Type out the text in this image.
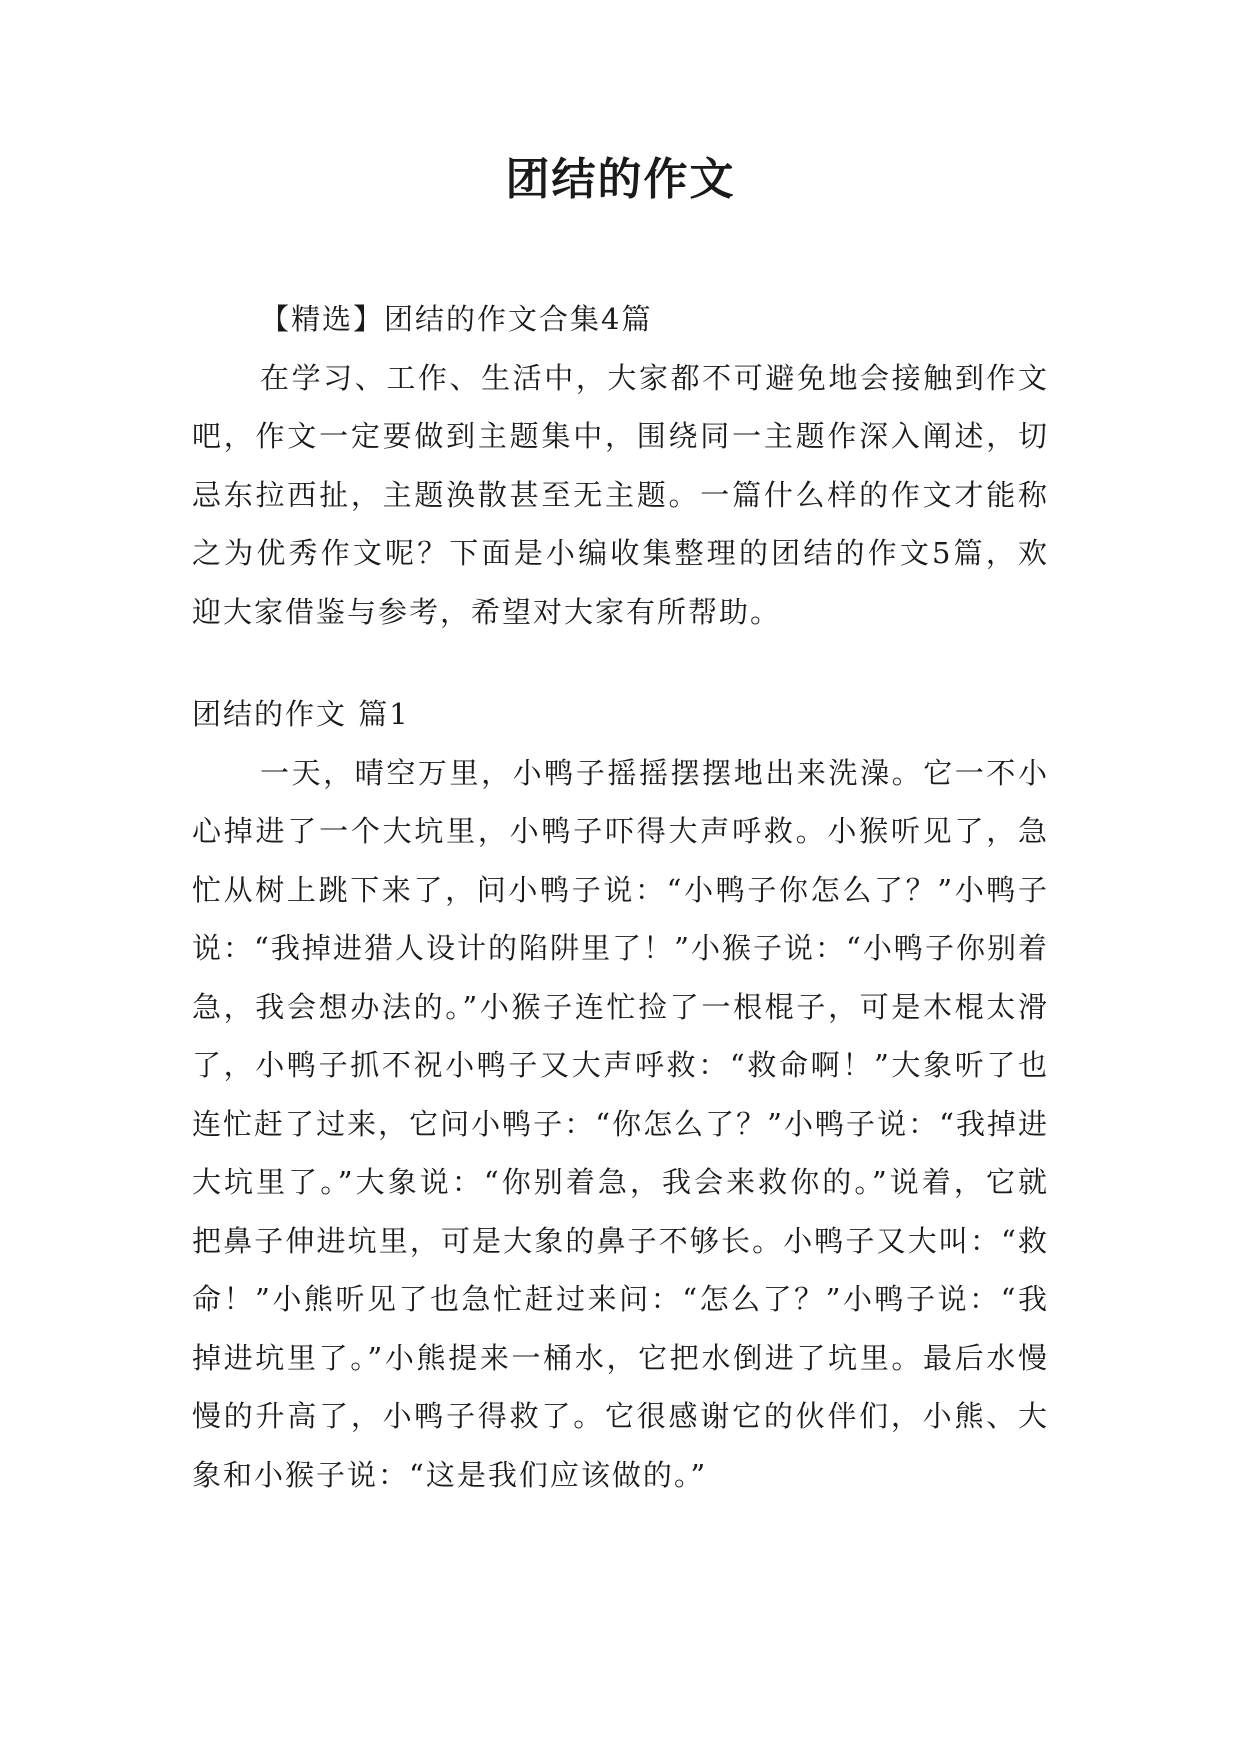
团结的作文

【精选】团结的作文合集4篇

在学习、工作、生活中，大家都不可避免地会接触到作文吧，作文一定要做到主题集中，围绕同一主题作深入阐述，切忌东拉西扯，主题涣散甚至无主题。一篇什么样的作文才能称之为优秀作文呢？下面是小编收集整理的团结的作文5篇，欢迎大家借鉴与参考，希望对大家有所帮助。

团结的作文 篇1

一天，晴空万里，小鸭子摇摇摆摆地出来洗澡。它一不小心掉进了一个大坑里，小鸭子吓得大声呼救。小猴听见了，急忙从树上跳下来了，问小鸭子说：“小鸭子你怎么了？”小鸭子说：“我掉进猎人设计的陷阱里了！”小猴子说：“小鸭子你别着急，我会想办法的。”小猴子连忙捡了一根棍子，可是木棍太滑了，小鸭子抓不祝小鸭子又大声呼救：“救命啊！”大象听了也连忙赶了过来，它问小鸭子：“你怎么了？”小鸭子说：“我掉进大坑里了。”大象说：“你别着急，我会来救你的。”说着，它就把鼻子伸进坑里，可是大象的鼻子不够长。小鸭子又大叫：“救命！”小熊听见了也急忙赶过来问：“怎么了？”小鸭子说：“我掉进坑里了。”小熊提来一桶水，它把水倒进了坑里。最后水慢慢的升高了，小鸭子得救了。它很感谢它的伙伴们，小熊、大象和小猴子说：“这是我们应该做的。”
